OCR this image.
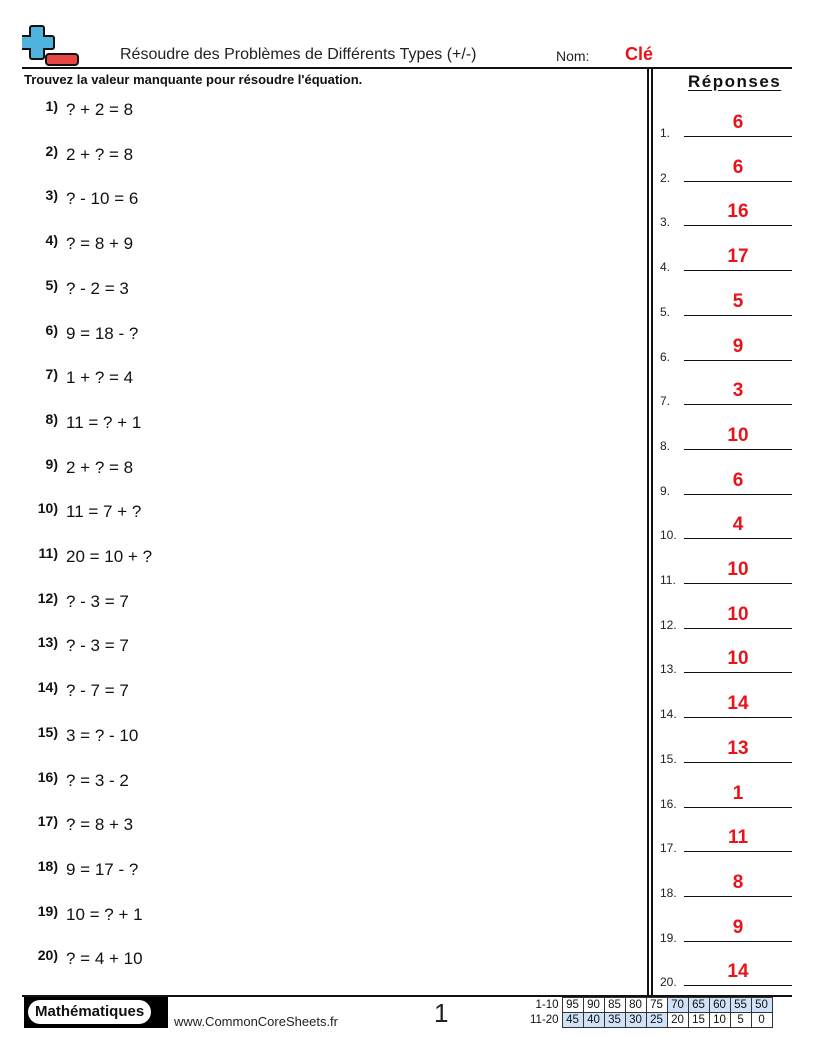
Résoudre des Problèmes de Différents Types (+/-)	Nom: Clé
Trouvez la valeur manquante pour résoudre l'équation.	Réponses
1) ? + 2 = 8
2) 2 + ? = 8
3) ? - 10 = 6
4) ? = 8 + 9
5) ? - 2 = 3
6) 9 = 18 - ?
7) 1 + ? = 4
8) 11 = ? + 1
9) 2 + ? = 8
10) 11 = 7 + ?
11) 20 = 10 + ?
12) ? - 3 = 7
13) ? - 3 = 7
14) ? - 7 = 7
15) 3 = ? - 10
16) ? = 3 - 2
17) ? = 8 + 3
18) 9 = 17 - ?
19) 10 = ? + 1
20) ? = 4 + 10
1.	6
2.	6
3.	16
4.	17
5.	5
6.	9
7.	3
8.	10
9.	6
10.	4
11.	10
12.	10
13.	10
14.	14
15.	13
16.	1
17.	11
18.	8
19.	9
20.	14
Mathématiques
www.CommonCoreSheets.fr	1	1-10	95	90	85	80	75	70	65	60	55	50
11-20	45	40	35	30	25	20	15	10	5	0
